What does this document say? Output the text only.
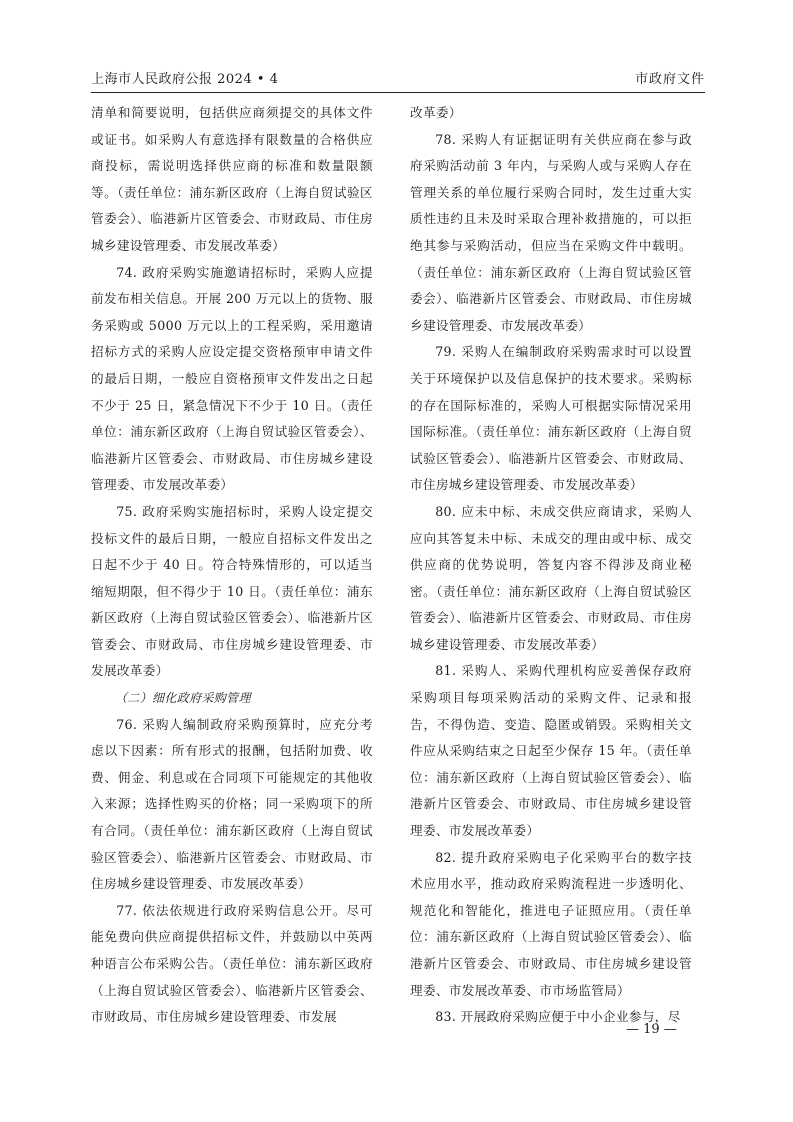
上海市人民政府公报 2024 • 4	市政府文件

清单和简要说明，包括供应商须提交的具体文件或证书。如采购人有意选择有限数量的合格供应商投标，需说明选择供应商的标准和数量限额等。（责任单位：浦东新区政府（上海自贸试验区管委会）、临港新片区管委会、市财政局、市住房城乡建设管理委、市发展改革委）

74. 政府采购实施邀请招标时，采购人应提前发布相关信息。开展 200 万元以上的货物、服务采购或 5000 万元以上的工程采购，采用邀请招标方式的采购人应设定提交资格预审申请文件的最后日期，一般应自资格预审文件发出之日起不少于 25 日，紧急情况下不少于 10 日。（责任单位：浦东新区政府（上海自贸试验区管委会）、临港新片区管委会、市财政局、市住房城乡建设管理委、市发展改革委）

75. 政府采购实施招标时，采购人设定提交投标文件的最后日期，一般应自招标文件发出之日起不少于 40 日。符合特殊情形的，可以适当缩短期限，但不得少于 10 日。（责任单位：浦东新区政府（上海自贸试验区管委会）、临港新片区管委会、市财政局、市住房城乡建设管理委、市发展改革委）

（二）细化政府采购管理

76. 采购人编制政府采购预算时，应充分考虑以下因素：所有形式的报酬，包括附加费、收费、佣金、利息或在合同项下可能规定的其他收入来源；选择性购买的价格；同一采购项下的所有合同。（责任单位：浦东新区政府（上海自贸试验区管委会）、临港新片区管委会、市财政局、市住房城乡建设管理委、市发展改革委）

77. 依法依规进行政府采购信息公开。尽可能免费向供应商提供招标文件，并鼓励以中英两种语言公布采购公告。（责任单位：浦东新区政府（上海自贸试验区管委会）、临港新片区管委会、市财政局、市住房城乡建设管理委、市发展

改革委）

78. 采购人有证据证明有关供应商在参与政府采购活动前 3 年内，与采购人或与采购人存在管理关系的单位履行采购合同时，发生过重大实质性违约且未及时采取合理补救措施的，可以拒绝其参与采购活动，但应当在采购文件中载明。（责任单位：浦东新区政府（上海自贸试验区管委会）、临港新片区管委会、市财政局、市住房城乡建设管理委、市发展改革委）

79. 采购人在编制政府采购需求时可以设置关于环境保护以及信息保护的技术要求。采购标的存在国际标准的，采购人可根据实际情况采用国际标准。（责任单位：浦东新区政府（上海自贸试验区管委会）、临港新片区管委会、市财政局、市住房城乡建设管理委、市发展改革委）

80. 应未中标、未成交供应商请求，采购人应向其答复未中标、未成交的理由或中标、成交供应商的优势说明，答复内容不得涉及商业秘密。（责任单位：浦东新区政府（上海自贸试验区管委会）、临港新片区管委会、市财政局、市住房城乡建设管理委、市发展改革委）

81. 采购人、采购代理机构应妥善保存政府采购项目每项采购活动的采购文件、记录和报告，不得伪造、变造、隐匿或销毁。采购相关文件应从采购结束之日起至少保存 15 年。（责任单位：浦东新区政府（上海自贸试验区管委会）、临港新片区管委会、市财政局、市住房城乡建设管理委、市发展改革委）

82. 提升政府采购电子化采购平台的数字技术应用水平，推动政府采购流程进一步透明化、规范化和智能化，推进电子证照应用。（责任单位：浦东新区政府（上海自贸试验区管委会）、临港新片区管委会、市财政局、市住房城乡建设管理委、市发展改革委、市市场监管局）

83. 开展政府采购应便于中小企业参与，尽

— 19 —
